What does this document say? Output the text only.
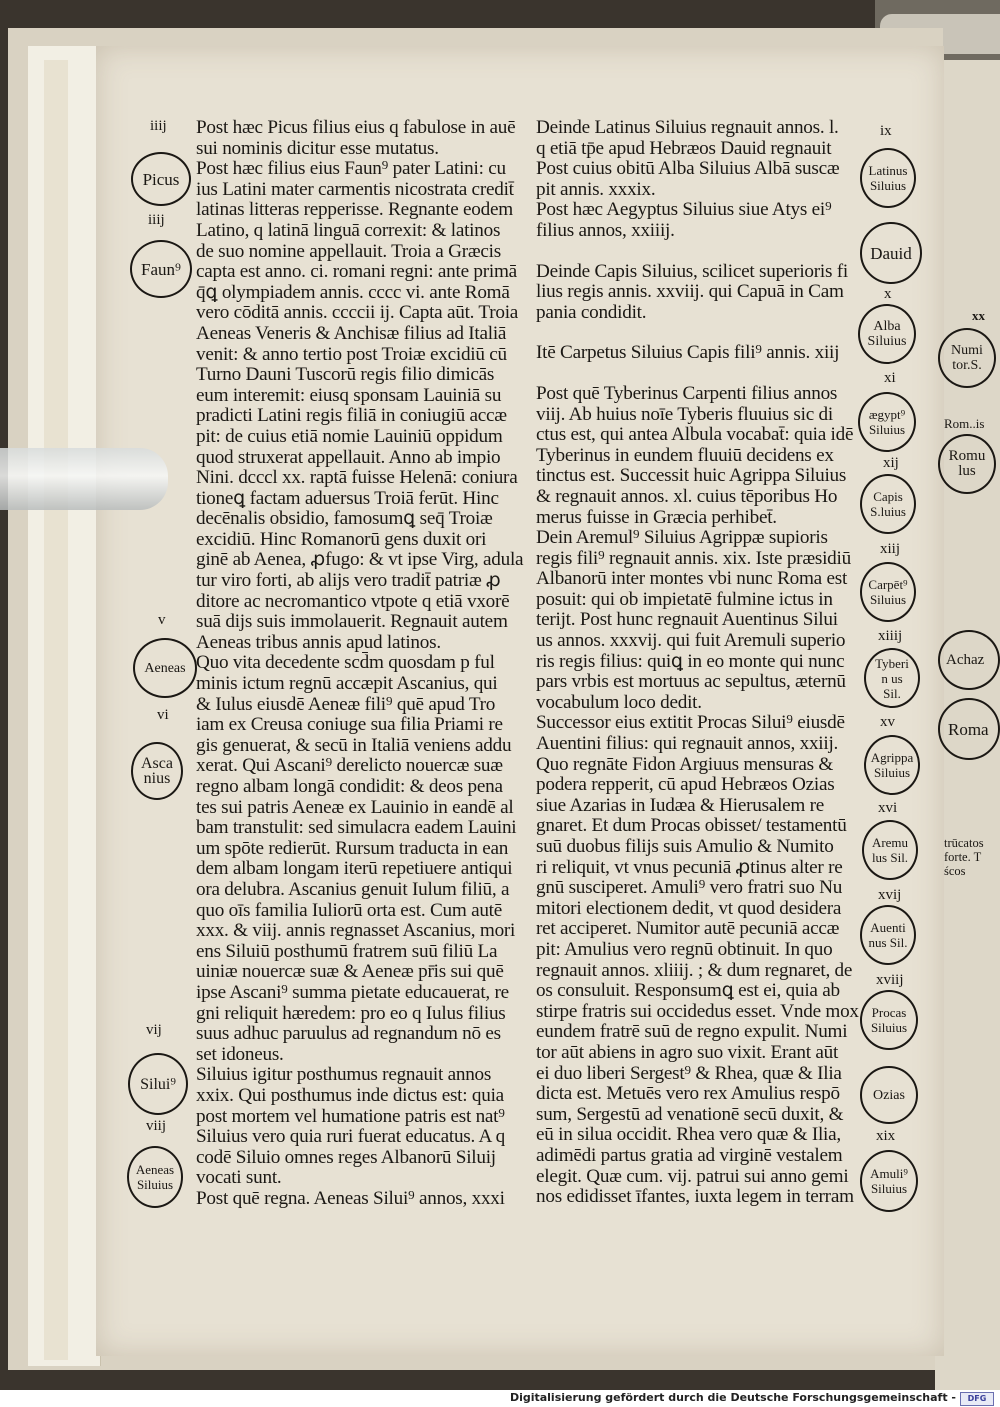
Post hæc Picus filius eius q fabulose in auē

sui nominis dicitur esse mutatus.

Post hæc filius eius Faun⁹ pater Latini: cu

ius Latini mater carmentis nicostrata credit̄

latinas litteras repperisse. Regnante eodem

Latino, q latinā linguā correxit: & latinos

de suo nomine appellauit. Troia a Græcis

capta est anno. ci. romani regni: ante primā

q̄ꝗ olympiadem annis. cccc vi. ante Romā

vero cōditā annis. ccccii ij. Capta aūt. Troia

Aeneas Veneris & Anchisæ filius ad Italiā

venit: & anno tertio post Troiæ excidiū cū

Turno Dauni Tuscorū regis filio dimicās

eum interemit: eiusq sponsam Lauiniā su

pradicti Latini regis filiā in coniugiū accæ

pit: de cuius etiā nomie Lauiniū oppidum

quod struxerat appellauit. Anno ab impio

Nini. dcccl xx. raptā fuisse Helenā: coniura

tioneꝗ factam aduersus Troiā ferūt. Hinc

decēnalis obsidio, famosumꝗ seq̄ Troiæ

excidiū. Hinc Romanorū gens duxit ori

ginē ab Aenea, ꝓfugo: & vt ipse Virg, adula

tur viro forti, ab alijs vero tradit̄ patriæ ꝓ

ditore ac necromantico vtpote q etiā vxorē

suā dijs suis immolauerit. Regnauit autem

Aeneas tribus annis apud latinos.

Quo vita decedente scd̄m quosdam p ful

minis ictum regnū accæpit Ascanius, qui

& Iulus eiusdē Aeneæ fili⁹ quē apud Tro

iam ex Creusa coniuge sua filia Priami re

gis genuerat, & secū in Italiā veniens addu

xerat. Qui Ascani⁹ derelicto nouercæ suæ

regno albam longā condidit: & deos pena

tes sui patris Aeneæ ex Lauinio in eandē al

bam transtulit: sed simulacra eadem Lauini

um spōte redierūt. Rursum traducta in ean

dem albam longam iterū repetiuere antiqui

ora delubra. Ascanius genuit Iulum filiū, a

quo oīs familia Iuliorū orta est. Cum autē

xxx. & viij. annis regnasset Ascanius, mori

ens Siluiū posthumū fratrem suū filiū La

uiniæ nouercæ suæ & Aeneæ pr̄is sui quē

ipse Ascani⁹ summa pietate educauerat, re

gni reliquit hæredem: pro eo q Iulus filius

suus adhuc paruulus ad regnandum nō es

set idoneus.

Siluius igitur posthumus regnauit annos

xxix. Qui posthumus inde dictus est: quia

post mortem vel humatione patris est nat⁹

Siluius vero quia ruri fuerat educatus. A q

codē Siluio omnes reges Albanorū Siluij

vocati sunt.

Post quē regna. Aeneas Silui⁹ annos, xxxi

Deinde Latinus Siluius regnauit annos. l.

q etiā tp̄e apud Hebræos Dauid regnauit

Post cuius obitū Alba Siluius Albā suscæ

pit annis. xxxix.

Post hæc Aegyptus Siluius siue Atys ei⁹

filius annos, xxiiij.

Deinde Capis Siluius, scilicet superioris fi

lius regis annis. xxviij. qui Capuā in Cam

pania condidit.

Itē Carpetus Siluius Capis fili⁹ annis. xiij

Post quē Tyberinus Carpenti filius annos

viij. Ab huius noīe Tyberis fluuius sic di

ctus est, qui antea Albula vocabat̄: quia idē

Tyberinus in eundem fluuiū decidens ex

tinctus est. Successit huic Agrippa Siluius

& regnauit annos. xl. cuius tēporibus Ho

merus fuisse in Græcia perhibet̄.

Dein Aremul⁹ Siluius Agrippæ supioris

regis fili⁹ regnauit annis. xix. Iste præsidiū

Albanorū inter montes vbi nunc Roma est

posuit: qui ob impietatē fulmine ictus in

terijt. Post hunc regnauit Auentinus Silui

us annos. xxxvij. qui fuit Aremuli superio

ris regis filius: quiꝗ in eo monte qui nunc

pars vrbis est mortuus ac sepultus, æternū

vocabulum loco dedit.

Successor eius extitit Procas Silui⁹ eiusdē

Auentini filius: qui regnauit annos, xxiij.

Quo regnāte Fidon Argiuus mensuras &

podera repperit, cū apud Hebræos Ozias

siue Azarias in Iudæa & Hierusalem re

gnaret. Et dum Procas obisset/ testamentū

suū duobus filijs suis Amulio & Numito

ri reliquit, vt vnus pecuniā ꝓtinus alter re

gnū susciperet. Amuli⁹ vero fratri suo Nu

mitori electionem dedit, vt quod desidera

ret acciperet. Numitor autē pecuniā accæ

pit: Amulius vero regnū obtinuit. In quo

regnauit annos. xliiij. ; & dum regnaret, de

os consuluit. Responsumꝗ est ei, quia ab

stirpe fratris sui occidedus esset. Vnde mox

eundem fratrē suū de regno expulit. Numi

tor aūt abiens in agro suo vixit. Erant aūt

ei duo liberi Sergest⁹ & Rhea, quæ & Ilia

dicta est. Metuēs vero rex Amulius respō

sum, Sergestū ad venationē secū duxit, &

eū in silua occidit. Rhea vero quæ & Ilia,

adimēdi partus gratia ad virginē vestalem

elegit. Quæ cum. vij. patrui sui anno gemi

nos edidisset īfantes, iuxta legem in terram

iiij
Picus
iiij
Faun⁹
v
Aeneas
vi
Asca nius
vij
Silui⁹
viij
Aeneas Siluius
ix
Latinus Siluius
Dauid
x
Alba Siluius
xi
ægypt⁹ Siluius
xij
Capis S.luius
xiij
Carpēt⁹ Siluius
xiiij
Tyberi n us Sil.
xv
Agrippa Siluius
xvi
Aremu lus Sil.
xvij
Auenti nus Sil.
xviij
Procas Siluius
Ozias
xix
Amuli⁹ Siluius
xx
Numi tor.S.
Rom..is
Romu lus
Achaz
Roma
trūcatos forte. T ścos
Digitalisierung gefördert durch die Deutsche Forschungsgemeinschaft -	DFG
